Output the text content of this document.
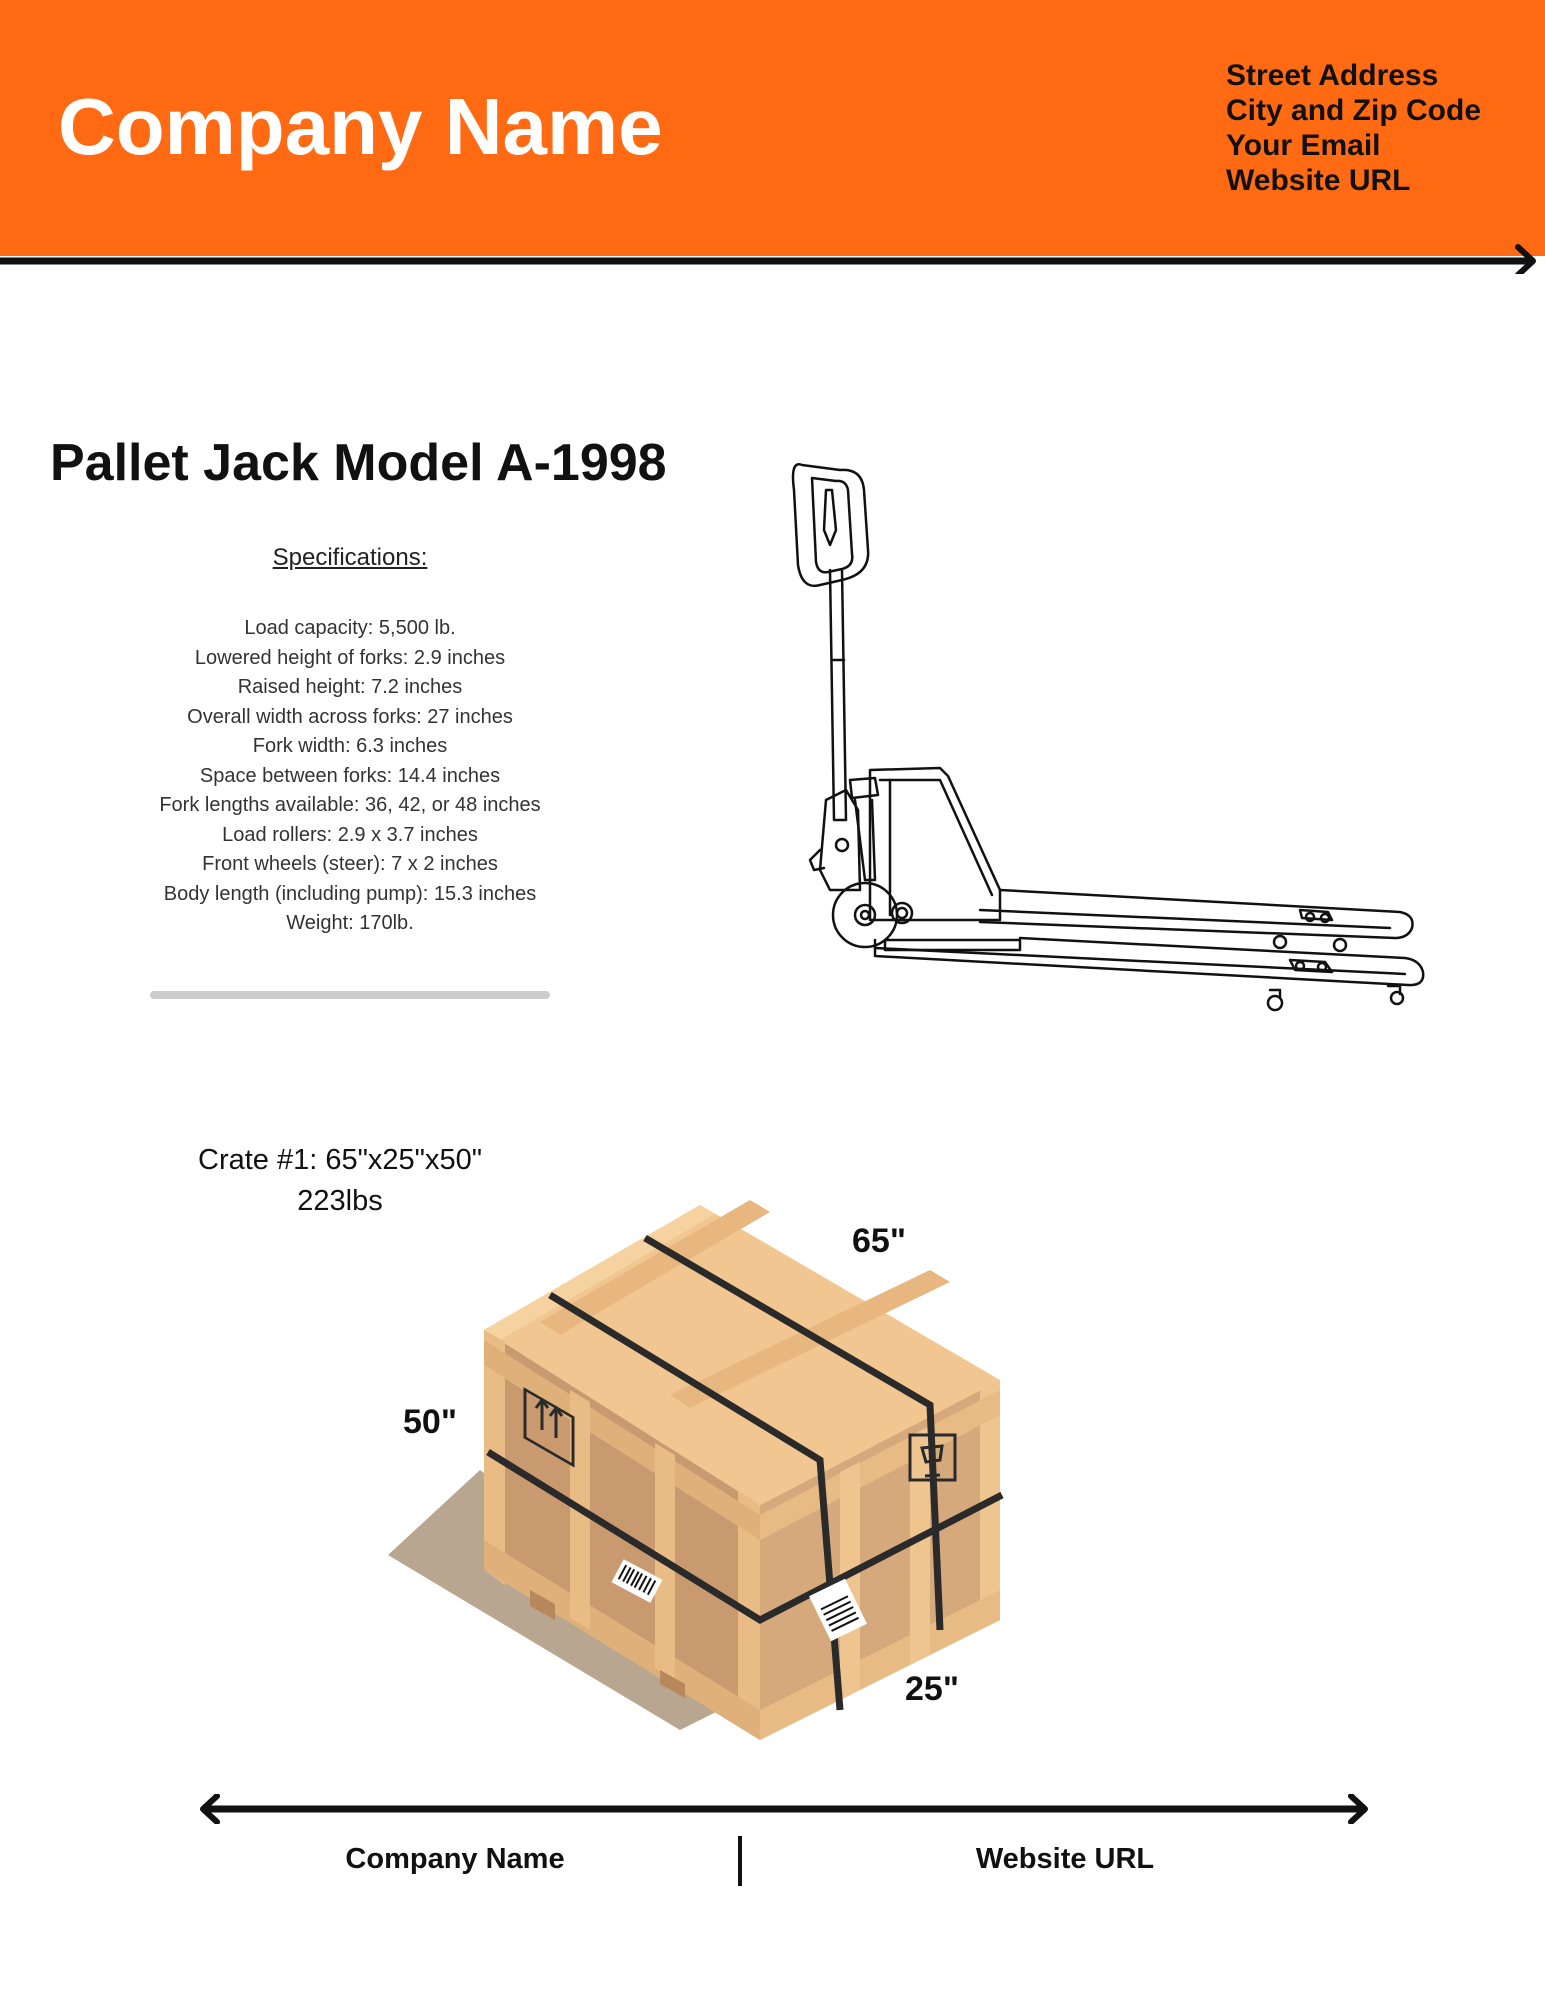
Company Name
Street Address
City and Zip Code
Your Email
Website URL
Pallet Jack Model A-1998
Specifications:
Load capacity: 5,500 lb.
Lowered height of forks: 2.9 inches
Raised height: 7.2 inches
Overall width across forks: 27 inches
Fork width: 6.3 inches
Space between forks: 14.4 inches
Fork lengths available: 36, 42, or 48 inches
Load rollers: 2.9 x 3.7 inches
Front wheels (steer): 7 x 2 inches
Body length (including pump): 15.3 inches
Weight: 170lb.
Crate #1: 65"x25"x50"
223lbs
65"
50"
25"
Company Name	Website URL
